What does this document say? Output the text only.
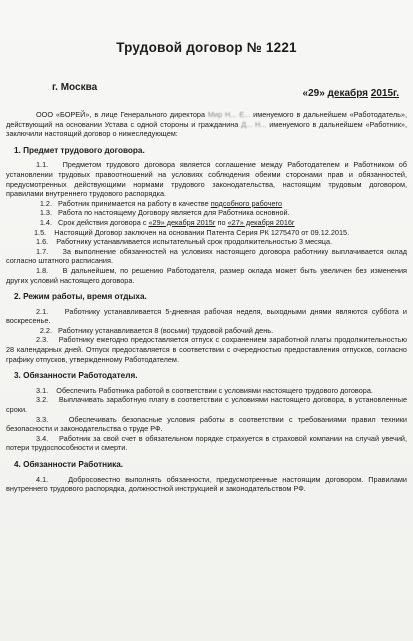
Трудовой договор № 1221
г. Москва
«29» декабря 2015г.

ООО «БОРЕЙ», в лице Генерального директора Мир Н... Е... именуемого в дальнейшем «Работодатель», действующий на основании Устава с одной стороны и гражданина Д... Н... именуемого в дальнейшем «Работник», заключили настоящий договор о нижеследующем:

1. Предмет трудового договора.

1.1. Предметом трудового договора является соглашение между Работодателем и Работником об установлении трудовых правоотношений на условиях соблюдения обеими сторонами прав и обязанностей, предусмотренных действующими нормами трудового законодательства, настоящим трудовым договором, правилами внутреннего трудового распорядка.

1.2. Работник принимается на работу в качестве подсобного рабочего
1.3. Работа по настоящему Договору является для Работника основной.
1.4. Срок действия договора с «29» декабря 2015г по «27» декабря 2016г

1.5. Настоящий Договор заключен на основании Патента Серия РК 1275470 от 09.12.2015.

1.6. Работнику устанавливается испытательный срок продолжительностью 3 месяца.

1.7. За выполнение обязанностей на условиях настоящего договора работнику выплачивается оклад согласно штатного расписания.

1.8. В дальнейшем, по решению Работодателя, размер оклада может быть увеличен без изменения других условий настоящего договора.

2. Режим работы, время отдыха.

2.1. Работнику устанавливается 5-дневная рабочая неделя, выходными днями являются суббота и воскресенье.

2.2. Работнику устанавливается 8 (восьми) трудовой рабочий день.

2.3. Работнику ежегодно предоставляется отпуск с сохранением заработной платы продолжительностью 28 календарных дней. Отпуск предоставляется в соответствии с очередностью предоставления отпусков, согласно графику отпусков, утвержденному Работодателем.

3. Обязанности Работодателя.

3.1. Обеспечить Работника работой в соответствии с условиями настоящего трудового договора.

3.2. Выплачивать заработную плату в соответствии с условиями настоящего договора, в установленные сроки.

3.3.	Обеспечивать безопасные условия работы в соответствии с требованиями правил техники безопасности и законодательства о труде РФ.

3.4. Работник за свой счет в обязательном порядке страхуется в страховой компании на случай увечий, потери трудоспособности и смерти.

4. Обязанности Работника.

4.1.	Добросовестно выполнять обязанности, предусмотренные настоящим договором. Правилами внутреннего трудового распорядка, должностной инструкцией и законодательством РФ.
